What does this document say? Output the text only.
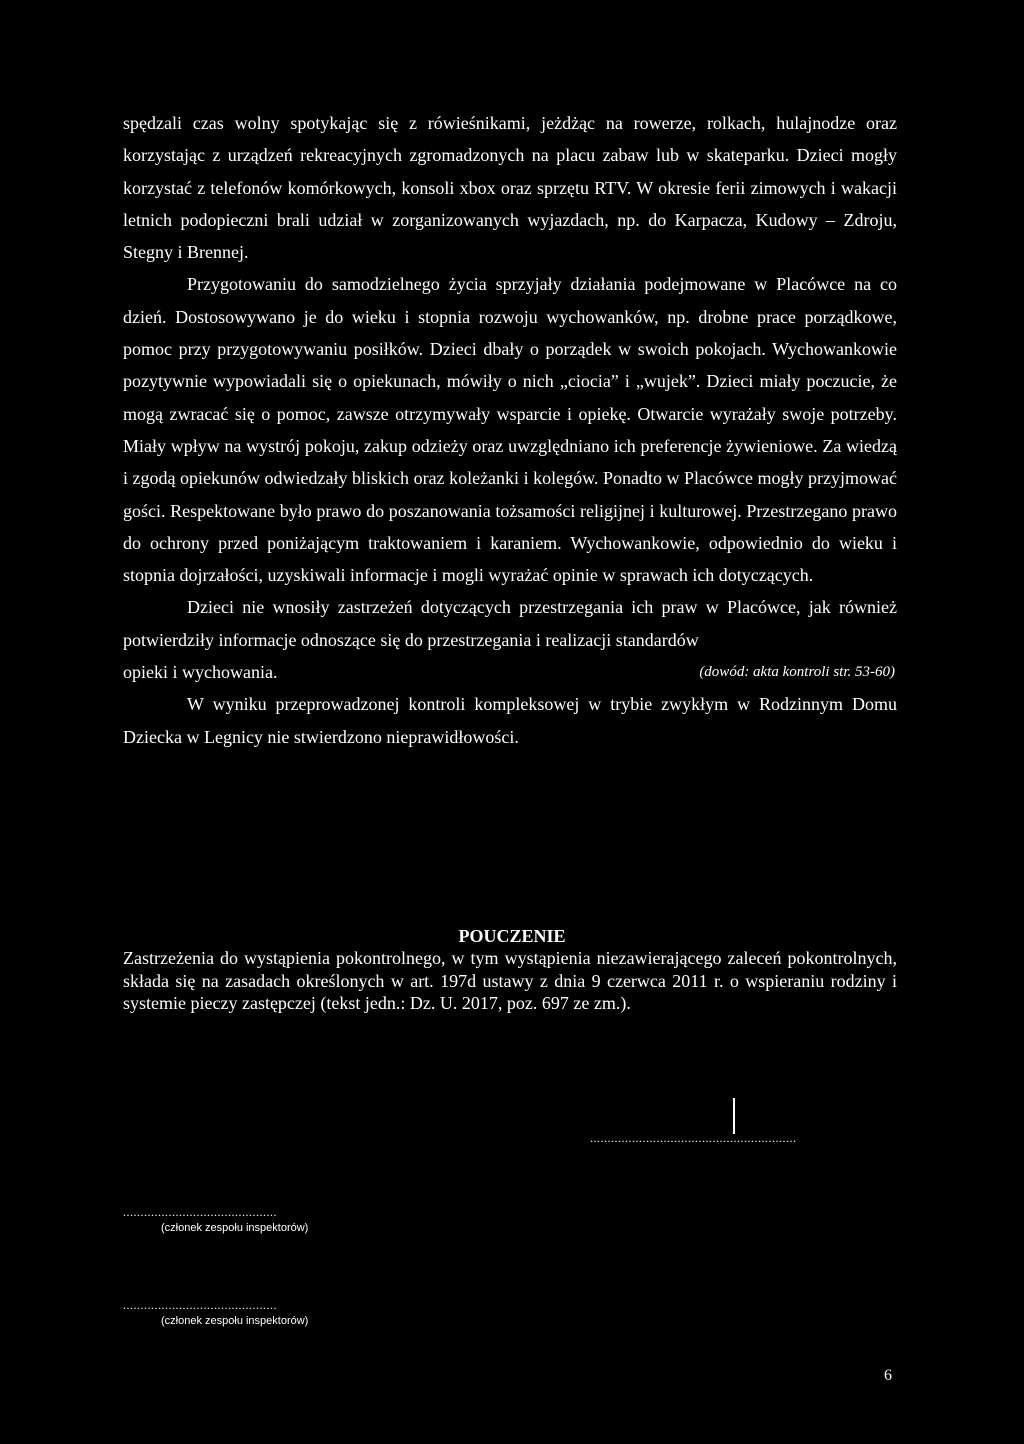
spędzali czas wolny spotykając się z rówieśnikami, jeżdżąc na rowerze, rolkach, hulajnodze oraz korzystając z urządzeń rekreacyjnych zgromadzonych na placu zabaw lub w skateparku. Dzieci mogły korzystać z telefonów komórkowych, konsoli xbox oraz sprzętu RTV. W okresie ferii zimowych i wakacji letnich podopieczni brali udział w zorganizowanych wyjazdach, np. do Karpacza, Kudowy – Zdroju, Stegny i Brennej.

Przygotowaniu do samodzielnego życia sprzyjały działania podejmowane w Placówce na co dzień. Dostosowywano je do wieku i stopnia rozwoju wychowanków, np. drobne prace porządkowe, pomoc przy przygotowywaniu posiłków. Dzieci dbały o porządek w swoich pokojach. Wychowankowie pozytywnie wypowiadali się o opiekunach, mówiły o nich „ciocia” i „wujek”. Dzieci miały poczucie, że mogą zwracać się o pomoc, zawsze otrzymywały wsparcie i opiekę. Otwarcie wyrażały swoje potrzeby. Miały wpływ na wystrój pokoju, zakup odzieży oraz uwzględniano ich preferencje żywieniowe. Za wiedzą i zgodą opiekunów odwiedzały bliskich oraz koleżanki i kolegów. Ponadto w Placówce mogły przyjmować gości. Respektowane było prawo do poszanowania tożsamości religijnej i kulturowej. Przestrzegano prawo do ochrony przed poniżającym traktowaniem i karaniem. Wychowankowie, odpowiednio do wieku i stopnia dojrzałości, uzyskiwali informacje i mogli wyrażać opinie w sprawach ich dotyczących.

Dzieci nie wnosiły zastrzeżeń dotyczących przestrzegania ich praw w Placówce, jak również potwierdziły informacje odnoszące się do przestrzegania i realizacji standardów

opieki i wychowania.	(dowód: akta kontroli str. 53-60)

W wyniku przeprowadzonej kontroli kompleksowej w trybie zwykłym w Rodzinnym Domu Dziecka w Legnicy nie stwierdzono nieprawidłowości.

POUCZENIE

Zastrzeżenia do wystąpienia pokontrolnego, w tym wystąpienia niezawierającego zaleceń pokontrolnych, składa się na zasadach określonych w art. 197d ustawy z dnia 9 czerwca 2011 r. o wspieraniu rodziny i systemie pieczy zastępczej (tekst jedn.: Dz. U. 2017, poz. 697 ze zm.).

...........................................................
............................................
(członek zespołu inspektorów)
............................................
(członek zespołu inspektorów)
6
